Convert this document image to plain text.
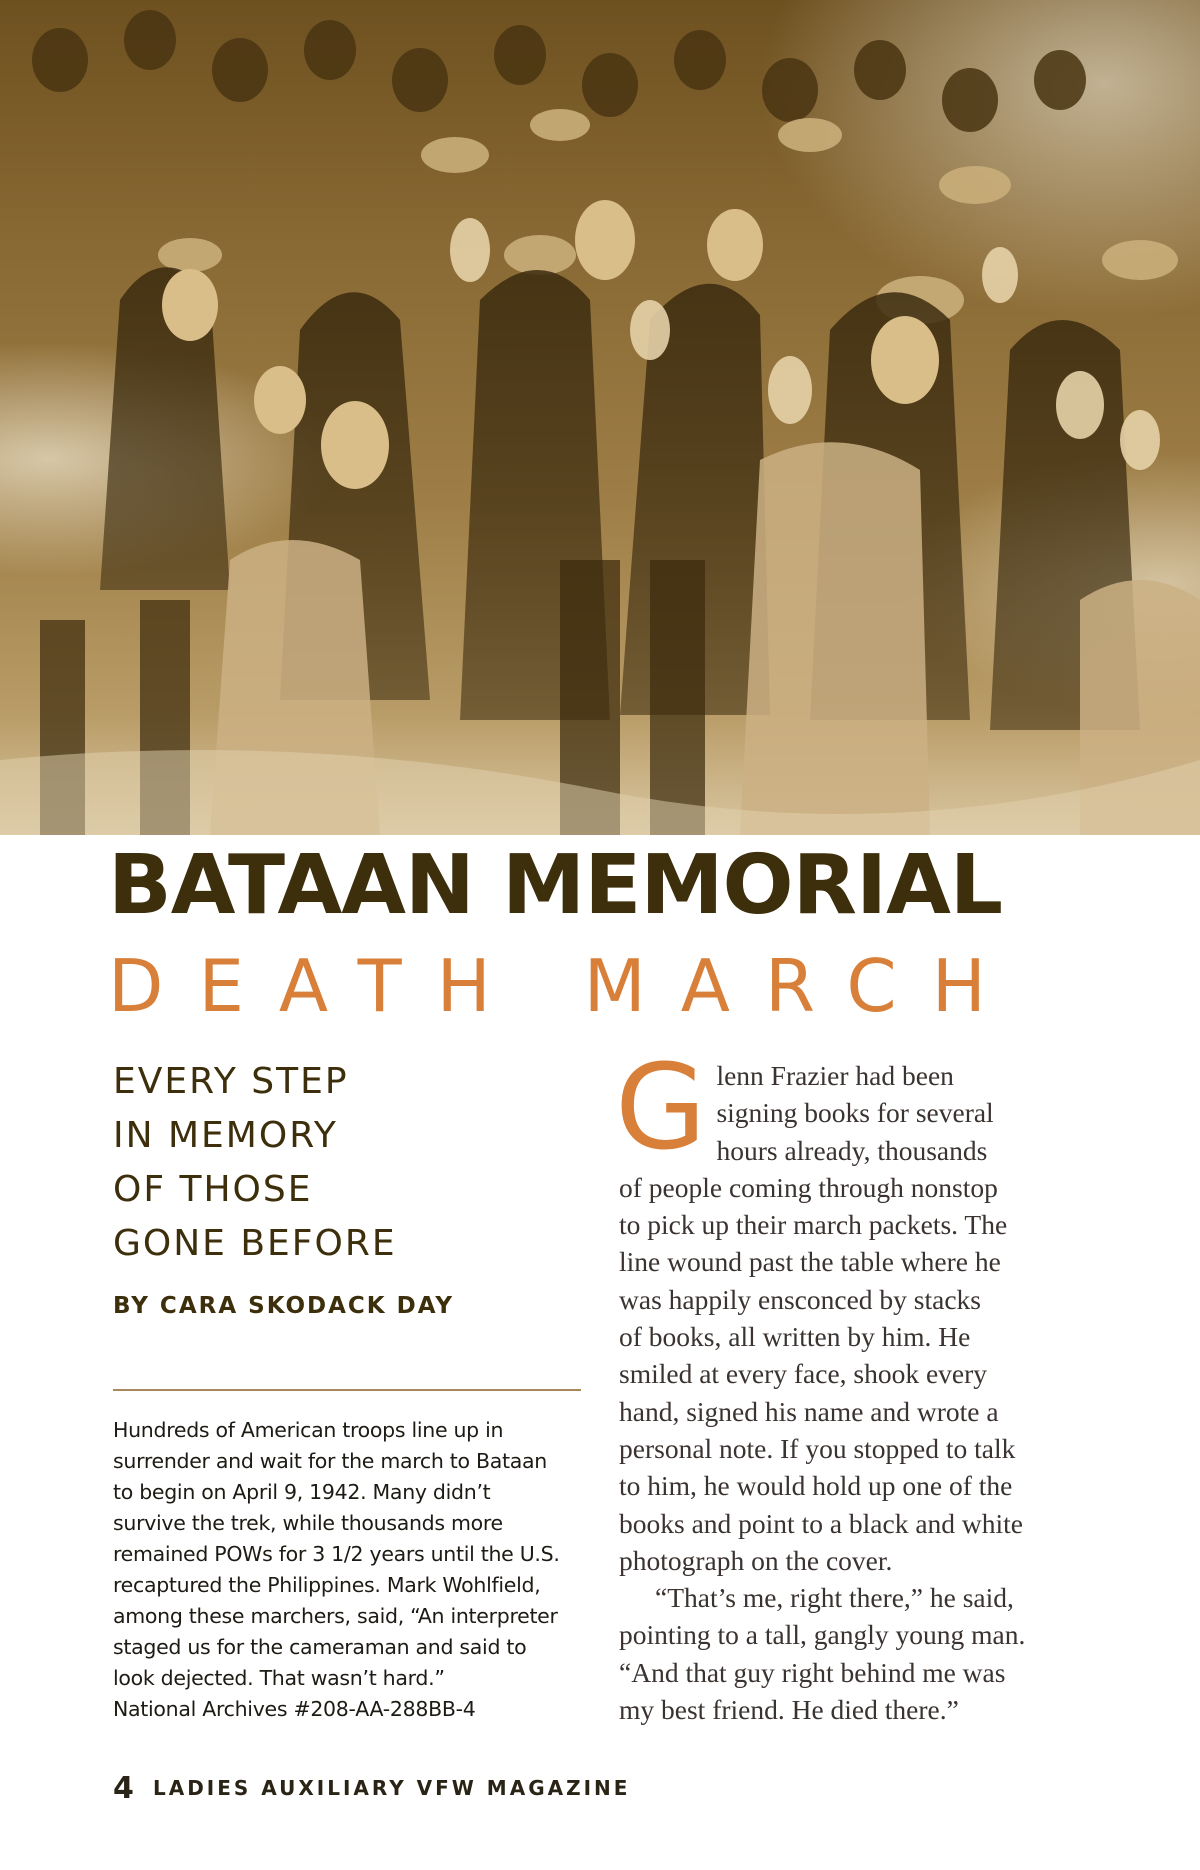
BATAAN MEMORIAL
DEATH MARCH
EVERY STEP
IN MEMORY
OF THOSE
GONE BEFORE
BY CARA SKODACK DAY
Hundreds of American troops line up in
surrender and wait for the march to Bataan
to begin on April 9, 1942. Many didn’t
survive the trek, while thousands more
remained POWs for 3 1/2 years until the U.S.
recaptured the Philippines. Mark Wohlfield,
among these marchers, said, “An interpreter
staged us for the cameraman and said to
look dejected. That wasn’t hard.”
National Archives #208-AA-288BB-4
G lenn Frazier had been
signing books for several
hours already, thousands
of people coming through nonstop
to pick up their march packets. The
line wound past the table where he
was happily ensconced by stacks
of books, all written by him. He
smiled at every face, shook every
hand, signed his name and wrote a
personal note. If you stopped to talk
to him, he would hold up one of the
books and point to a black and white
photograph on the cover.
“That’s me, right there,” he said,
pointing to a tall, gangly young man.
“And that guy right behind me was
my best friend. He died there.”
4 LADIES AUXILIARY VFW MAGAZINE
